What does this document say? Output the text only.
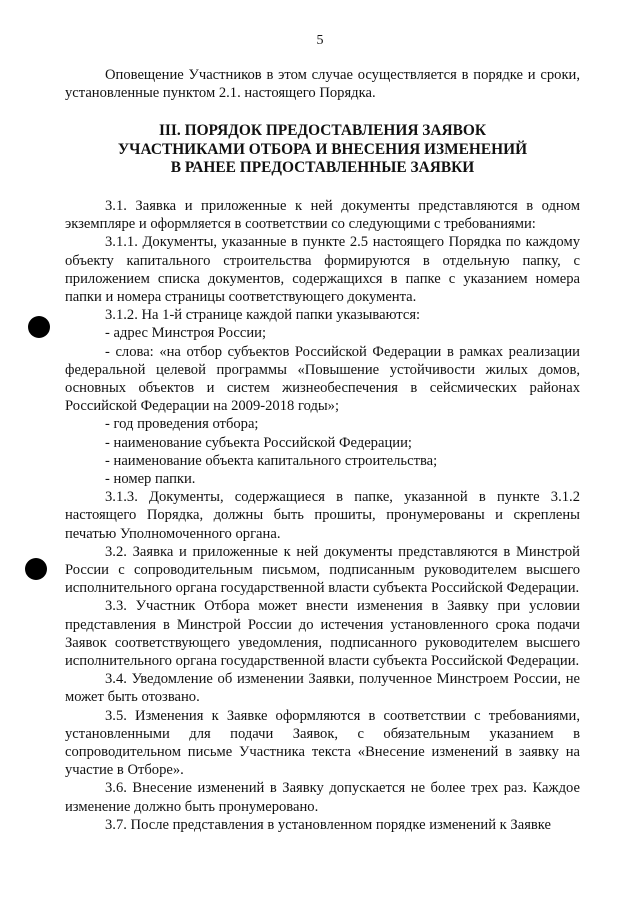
5

Оповещение Участников в этом случае осуществляется в порядке и сроки, установленные пунктом 2.1. настоящего Порядка.

III. ПОРЯДОК ПРЕДОСТАВЛЕНИЯ ЗАЯВОК
УЧАСТНИКАМИ ОТБОРА И ВНЕСЕНИЯ ИЗМЕНЕНИЙ
В РАНЕЕ ПРЕДОСТАВЛЕННЫЕ ЗАЯВКИ

3.1. Заявка и приложенные к ней документы представляются в одном экземпляре и оформляется в соответствии со следующими с требованиями:

3.1.1. Документы, указанные в пункте 2.5 настоящего Порядка по каждому объекту капитального строительства формируются в отдельную папку, с приложением списка документов, содержащихся в папке с указанием номера папки и номера страницы соответствующего документа.

3.1.2. На 1-й странице каждой папки указываются:

- адрес Минстроя России;

- слова: «на отбор субъектов Российской Федерации в рамках реализации федеральной целевой программы «Повышение устойчивости жилых домов, основных объектов и систем жизнеобеспечения в сейсмических районах Российской Федерации на 2009-2018 годы»;

- год проведения отбора;

- наименование субъекта Российской Федерации;

- наименование объекта капитального строительства;

- номер папки.

3.1.3. Документы, содержащиеся в папке, указанной в пункте 3.1.2 настоящего Порядка, должны быть прошиты, пронумерованы и скреплены печатью Уполномоченного органа.

3.2. Заявка и приложенные к ней документы представляются в Минстрой России с сопроводительным письмом, подписанным руководителем высшего исполнительного органа государственной власти субъекта Российской Федерации.

3.3. Участник Отбора может внести изменения в Заявку при условии представления в Минстрой России до истечения установленного срока подачи Заявок соответствующего уведомления, подписанного руководителем высшего исполнительного органа государственной власти субъекта Российской Федерации.

3.4. Уведомление об изменении Заявки, полученное Минстроем России, не может быть отозвано.

3.5. Изменения к Заявке оформляются в соответствии с требованиями, установленными для подачи Заявок, с обязательным указанием в сопроводительном письме Участника текста «Внесение изменений в заявку на участие в Отборе».

3.6. Внесение изменений в Заявку допускается не более трех раз. Каждое изменение должно быть пронумеровано.

3.7. После представления в установленном порядке изменений к Заявке
